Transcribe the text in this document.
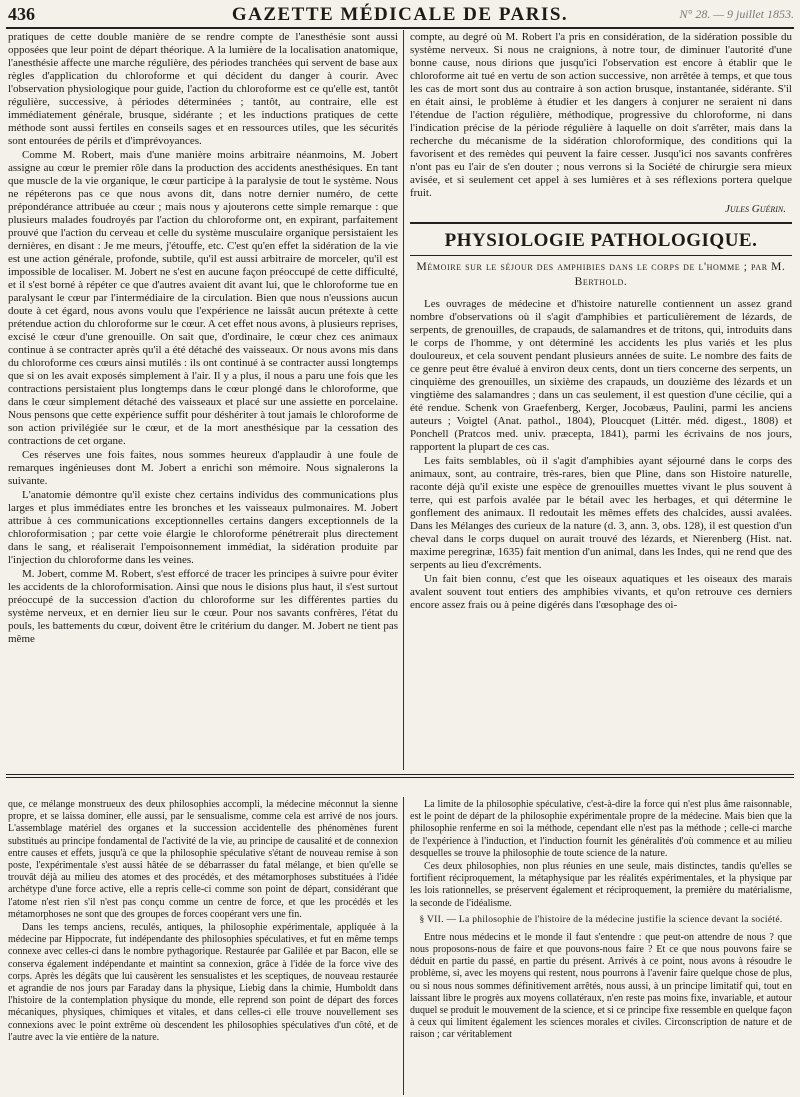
436	GAZETTE MÉDICALE DE PARIS.	N° 28. — 9 juillet 1853.

pratiques de cette double manière de se rendre compte de l'anesthésie sont aussi opposées que leur point de départ théorique. A la lumière de la localisation anatomique, l'anesthésie affecte une marche régulière, des périodes tranchées qui servent de base aux règles d'application du chloroforme et qui décident du danger à courir. Avec l'observation physiologique pour guide, l'action du chloroforme est ce qu'elle est, tantôt régulière, successive, à périodes déterminées ; tantôt, au contraire, elle est immédiatement générale, brusque, sidérante ; et les inductions pratiques de cette méthode sont aussi fertiles en conseils sages et en ressources utiles, que les sécurités sont entourées de périls et d'imprévoyances.

Comme M. Robert, mais d'une manière moins arbitraire néanmoins, M. Jobert assigne au cœur le premier rôle dans la production des accidents anesthésiques. En tant que muscle de la vie organique, le cœur participe à la paralysie de tout le système. Nous ne répéterons pas ce que nous avons dit, dans notre dernier numéro, de cette prépondérance attribuée au cœur ; mais nous y ajouterons cette simple remarque : que plusieurs malades foudroyés par l'action du chloroforme ont, en expirant, parfaitement prouvé que l'action du cerveau et celle du système musculaire organique persistaient les dernières, en disant : Je me meurs, j'étouffe, etc. C'est qu'en effet la sidération de la vie est une action générale, profonde, subtile, qu'il est aussi arbitraire de morceler, qu'il est impossible de localiser. M. Jobert ne s'est en aucune façon préoccupé de cette difficulté, et il s'est borné à répéter ce que d'autres avaient dit avant lui, que le chloroforme tue en paralysant le cœur par l'intermédiaire de la circulation. Bien que nous n'eussions aucun doute à cet égard, nous avons voulu que l'expérience ne laissât aucun prétexte à cette prétendue action du chloroforme sur le cœur. A cet effet nous avons, à plusieurs reprises, excisé le cœur d'une grenouille. On sait que, d'ordinaire, le cœur chez ces animaux continue à se contracter après qu'il a été détaché des vaisseaux. Or nous avons mis dans du chloroforme ces cœurs ainsi mutilés : ils ont continué à se contracter aussi longtemps que si on les avait exposés simplement à l'air. Il y a plus, il nous a paru une fois que les contractions persistaient plus longtemps dans le cœur plongé dans le chloroforme, que dans le cœur simplement détaché des vaisseaux et placé sur une assiette en porcelaine. Nous pensons que cette expérience suffit pour déshériter à tout jamais le chloroforme de son action privilégiée sur le cœur, et de la mort anesthésique par la cessation des contractions de cet organe.

Ces réserves une fois faites, nous sommes heureux d'applaudir à une foule de remarques ingénieuses dont M. Jobert a enrichi son mémoire. Nous signalerons la suivante.

L'anatomie démontre qu'il existe chez certains individus des communications plus larges et plus immédiates entre les bronches et les vaisseaux pulmonaires. M. Jobert attribue à ces communications exceptionnelles certains dangers exceptionnels de la chloroformisation ; par cette voie élargie le chloroforme pénétrerait plus directement dans le sang, et réaliserait l'empoisonnement immédiat, la sidération produite par l'injection du chloroforme dans les veines.

M. Jobert, comme M. Robert, s'est efforcé de tracer les principes à suivre pour éviter les accidents de la chloroformisation. Ainsi que nous le disions plus haut, il s'est surtout préoccupé de la succession d'action du chloroforme sur les différentes parties du système nerveux, et en dernier lieu sur le cœur. Pour nos savants confrères, l'état du pouls, les battements du cœur, doivent être le critérium du danger. M. Jobert ne tient pas même

compte, au degré où M. Robert l'a pris en considération, de la sidération possible du système nerveux. Si nous ne craignions, à notre tour, de diminuer l'autorité d'une bonne cause, nous dirions que jusqu'ici l'observation est encore à établir que le chloroforme ait tué en vertu de son action successive, non arrêtée à temps, et que tous les cas de mort sont dus au contraire à son action brusque, instantanée, sidérante. S'il en était ainsi, le problème à étudier et les dangers à conjurer ne seraient ni dans l'étendue de l'action régulière, méthodique, progressive du chloroforme, ni dans l'indication précise de la période régulière à laquelle on doit s'arrêter, mais dans la recherche du mécanisme de la sidération chloroformique, des conditions qui la favorisent et des remèdes qui peuvent la faire cesser. Jusqu'ici nos savants confrères n'ont pas eu l'air de s'en douter ; nous verrons si la Société de chirurgie sera mieux avisée, et si seulement cet appel à ses lumières et à ses réflexions portera quelque fruit.

Jules Guérin.
PHYSIOLOGIE PATHOLOGIQUE.
Mémoire sur le séjour des amphibies dans le corps de l'homme ; par M. Berthold.

Les ouvrages de médecine et d'histoire naturelle contiennent un assez grand nombre d'observations où il s'agit d'amphibies et particulièrement de lézards, de serpents, de grenouilles, de crapauds, de salamandres et de tritons, qui, introduits dans le corps de l'homme, y ont déterminé les accidents les plus variés et les plus douloureux, et cela souvent pendant plusieurs années de suite. Le nombre des faits de ce genre peut être évalué à environ deux cents, dont un tiers concerne des serpents, un cinquième des grenouilles, un sixième des crapauds, un douzième des lézards et un vingtième des salamandres ; dans un cas seulement, il est question d'une cécilie, qui a été rendue. Schenk von Graefenberg, Kerger, Jocobæus, Paulini, parmi les anciens auteurs ; Voigtel (Anat. pathol., 1804), Ploucquet (Littér. méd. digest., 1808) et Ponchell (Pratcos med. univ. præcepta, 1841), parmi les écrivains de nos jours, rapportent la plupart de ces cas.

Les faits semblables, où il s'agit d'amphibies ayant séjourné dans le corps des animaux, sont, au contraire, très-rares, bien que Pline, dans son Histoire naturelle, raconte déjà qu'il existe une espèce de grenouilles muettes vivant le plus souvent à terre, qui est parfois avalée par le bétail avec les herbages, et qui détermine le gonflement des animaux. Il redoutait les mêmes effets des chalcides, aussi avalées. Dans les Mélanges des curieux de la nature (d. 3, ann. 3, obs. 128), il est question d'un cheval dans le corps duquel on aurait trouvé des lézards, et Nierenberg (Hist. nat. maxime peregrinæ, 1635) fait mention d'un animal, dans les Indes, qui ne rend que des serpents au lieu d'excréments.

Un fait bien connu, c'est que les oiseaux aquatiques et les oiseaux des marais avalent souvent tout entiers des amphibies vivants, et qu'on retrouve ces derniers encore assez frais ou à peine digérés dans l'œsophage des oi-

que, ce mélange monstrueux des deux philosophies accompli, la médecine méconnut la sienne propre, et se laissa dominer, elle aussi, par le sensualisme, comme cela est arrivé de nos jours. L'assemblage matériel des organes et la succession accidentelle des phénomènes furent substitués au principe fondamental de l'activité de la vie, au principe de causalité et de connexion entre causes et effets, jusqu'à ce que la philosophie spéculative s'étant de nouveau remise à son poste, l'expérimentale s'est aussi hâtée de se débarrasser du fatal mélange, et bien qu'elle se trouvât déjà au milieu des atomes et des procédés, et des métamorphoses substituées à l'idée archétype d'une force active, elle a repris celle-ci comme son point de départ, considérant que l'atome n'est rien s'il n'est pas conçu comme un centre de force, et que les procédés et les métamorphoses ne sont que des groupes de forces coopérant vers une fin.

Dans les temps anciens, reculés, antiques, la philosophie expérimentale, appliquée à la médecine par Hippocrate, fut indépendante des philosophies spéculatives, et fut en même temps connexe avec celles-ci dans le nombre pythagorique. Restaurée par Galilée et par Bacon, elle se conserva également indépendante et maintint sa connexion, grâce à l'idée de la force vive des corps. Après les dégâts que lui causèrent les sensualistes et les sceptiques, de nouveau restaurée et agrandie de nos jours par Faraday dans la physique, Liebig dans la chimie, Humboldt dans l'histoire de la contemplation physique du monde, elle reprend son point de départ des forces mécaniques, physiques, chimiques et vitales, et dans celles-ci elle trouve nouvellement ses connexions avec le point extrême où descendent les philosophies spéculatives d'un côté, et de l'autre avec la vie entière de la nature.

La limite de la philosophie spéculative, c'est-à-dire la force qui n'est plus âme raisonnable, est le point de départ de la philosophie expérimentale propre de la médecine. Mais bien que la philosophie renferme en soi la méthode, cependant elle n'est pas la méthode ; celle-ci marche de l'expérience à l'induction, et l'induction fournit les généralités d'où commence et au milieu desquelles se trouve la philosophie de toute science de la nature.

Ces deux philosophies, non plus réunies en une seule, mais distinctes, tandis qu'elles se fortifient réciproquement, la métaphysique par les réalités expérimentales, et la physique par les lois rationnelles, se préservent également et réciproquement, la première du matérialisme, la seconde de l'idéalisme.

§ VII. — La philosophie de l'histoire de la médecine justifie la science devant la société.

Entre nous médecins et le monde il faut s'entendre : que peut-on attendre de nous ? que nous proposons-nous de faire et que pouvons-nous faire ? Et ce que nous pouvons faire se déduit en partie du passé, en partie du présent. Arrivés à ce point, nous avons à résoudre le problème, si, avec les moyens qui restent, nous pourrons à l'avenir faire quelque chose de plus, ou si nous nous sommes définitivement arrêtés, nous aussi, à un principe limitatif qui, tout en laissant libre le progrès aux moyens collatéraux, n'en reste pas moins fixe, invariable, et autour duquel se produit le mouvement de la science, et si ce principe fixe ressemble en quelque façon à ceux qui limitent également les sciences morales et civiles. Circonscription de nature et de raison ; car véritablement
